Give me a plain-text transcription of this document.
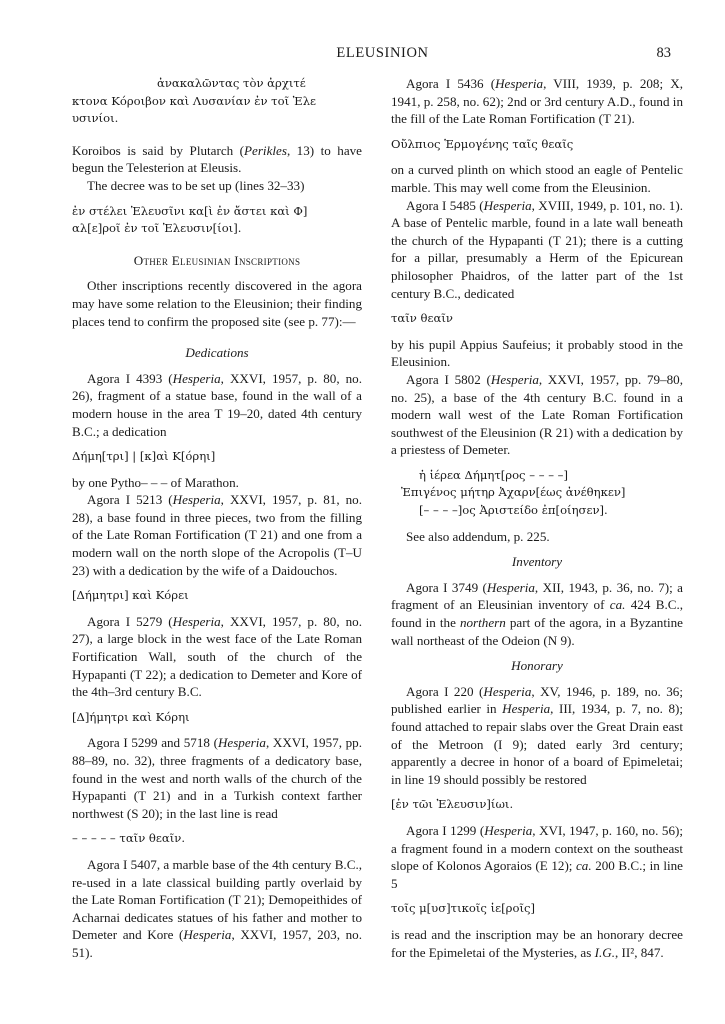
ELEUSINION	83

ἀνακαλῶντας τὸν ἀρχιτέ

κτονα Κόροιβον καὶ Λυσανίαν ἐν τοῖ Ἐλε

υσινίοι.

Koroibos is said by Plutarch (Perikles, 13) to have begun the Telesterion at Eleusis.

The decree was to be set up (lines 32–33)

ἐν στέλει Ἐλευσῖνι κα[ὶ ἐν ἄστει καὶ Φ]

αλ[ε]ροῖ ἐν τοῖ Ἐλευσιν[ίοι].

Other Eleusinian Inscriptions

Other inscriptions recently discovered in the agora may have some relation to the Eleusinion; their finding places tend to confirm the proposed site (see p. 77):—

Dedications

Agora I 4393 (Hesperia, XXVI, 1957, p. 80, no. 26), fragment of a statue base, found in the wall of a modern house in the area T 19–20, dated 4th century B.C.; a dedication

Δήμη[τρι] | [κ]αὶ Κ[όρηι]

by one Pytho– – – of Marathon.

Agora I 5213 (Hesperia, XXVI, 1957, p. 81, no. 28), a base found in three pieces, two from the filling of the Late Roman Fortification (T 21) and one from a modern wall on the north slope of the Acropolis (T–U 23) with a dedication by the wife of a Daidouchos.

[Δήμητρι] καὶ Κόρει

Agora I 5279 (Hesperia, XXVI, 1957, p. 80, no. 27), a large block in the west face of the Late Roman Fortification Wall, south of the church of the Hypapanti (T 22); a dedication to Demeter and Kore of the 4th–3rd century B.C.

[Δ]ήμητρι καὶ Κόρηι

Agora I 5299 and 5718 (Hesperia, XXVI, 1957, pp. 88–89, no. 32), three fragments of a dedicatory base, found in the west and north walls of the church of the Hypapanti (T 21) and in a Turkish context farther northwest (S 20); in the last line is read

– – – – – ταῖν θεαῖν.

Agora I 5407, a marble base of the 4th century B.C., re-used in a late classical building partly overlaid by the Late Roman Fortification (T 21); Demopeithides of Acharnai dedicates statues of his father and mother to Demeter and Kore (Hesperia, XXVI, 1957, 203, no. 51).

Agora I 5436 (Hesperia, VIII, 1939, p. 208; X, 1941, p. 258, no. 62); 2nd or 3rd century A.D., found in the fill of the Late Roman Fortification (T 21).

Οὔλπιος Ἑρμογένης ταῖς θεαῖς

on a curved plinth on which stood an eagle of Pentelic marble. This may well come from the Eleusinion.

Agora I 5485 (Hesperia, XVIII, 1949, p. 101, no. 1). A base of Pentelic marble, found in a late wall beneath the church of the Hypapanti (T 21); there is a cutting for a pillar, presumably a Herm of the Epicurean philosopher Phaidros, of the latter part of the 1st century B.C., dedicated

ταῖν θεαῖν

by his pupil Appius Saufeius; it probably stood in the Eleusinion.

Agora I 5802 (Hesperia, XXVI, 1957, pp. 79–80, no. 25), a base of the 4th century B.C. found in a modern wall west of the Late Roman Fortification southwest of the Eleusinion (R 21) with a dedication by a priestess of Demeter.

ἡ ἱέρεα Δήμητ[ρος – – – –]

Ἐπιγένος μήτηρ Ἀχαρν[έως ἀνέθηκεν]

[– – – –]ος Ἀριστείδο ἐπ[οίησεν].

See also addendum, p. 225.

Inventory

Agora I 3749 (Hesperia, XII, 1943, p. 36, no. 7); a fragment of an Eleusinian inventory of ca. 424 B.C., found in the northern part of the agora, in a Byzantine wall northeast of the Odeion (N 9).

Honorary

Agora I 220 (Hesperia, XV, 1946, p. 189, no. 36; published earlier in Hesperia, III, 1934, p. 7, no. 8); found attached to repair slabs over the Great Drain east of the Metroon (I 9); dated early 3rd century; apparently a decree in honor of a board of Epimeletai; in line 19 should possibly be restored

[ἐν τῶι Ἐλευσιν]ίωι.

Agora I 1299 (Hesperia, XVI, 1947, p. 160, no. 56); a fragment found in a modern context on the southeast slope of Kolonos Agoraios (E 12); ca. 200 B.C.; in line 5

τοῖς μ[υσ]τικοῖς ἱε[ροῖς]

is read and the inscription may be an honorary decree for the Epimeletai of the Mysteries, as I.G., II², 847.
